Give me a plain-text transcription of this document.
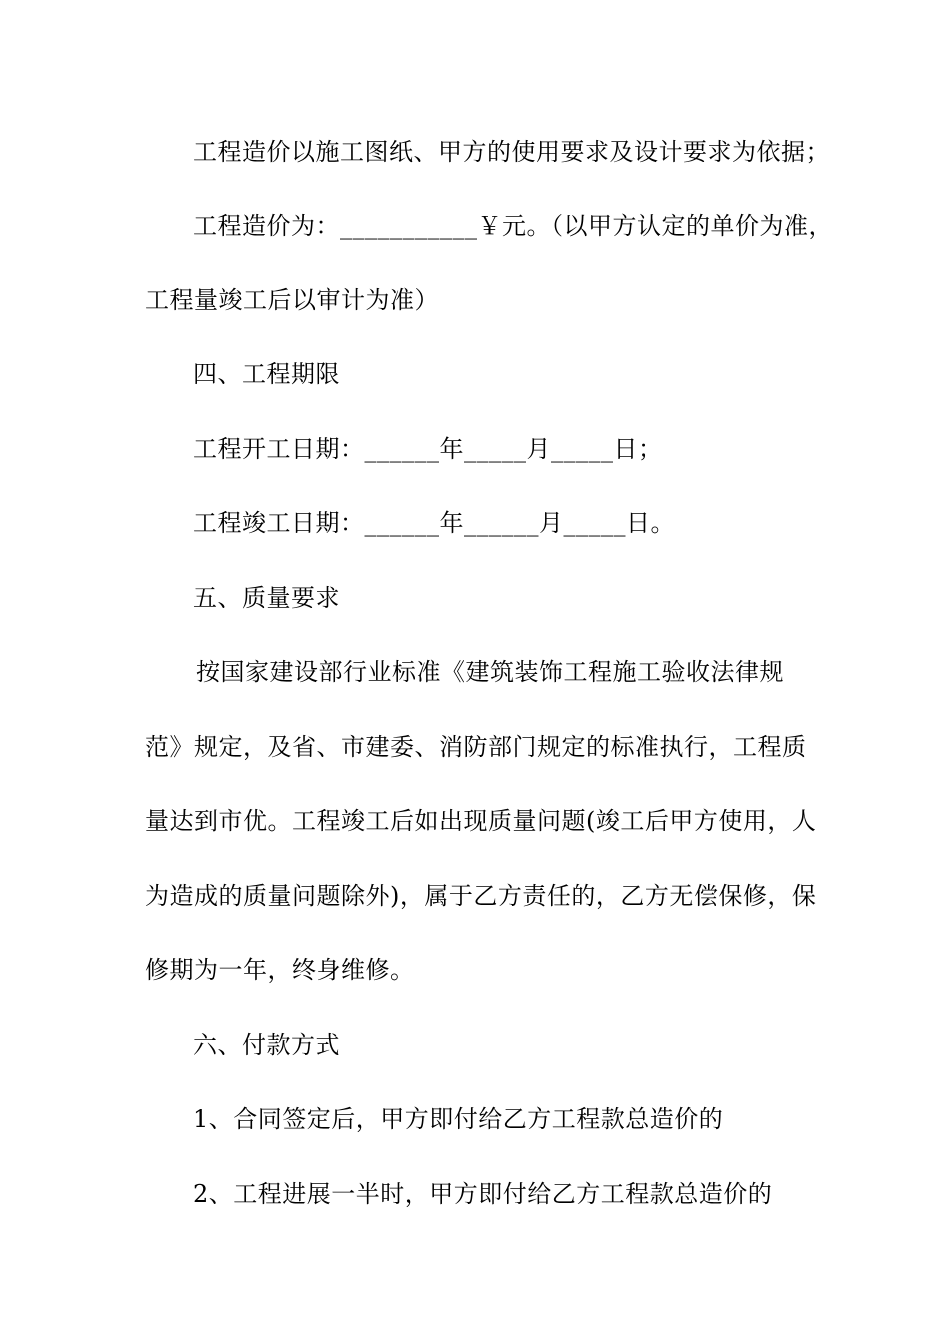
工程造价以施工图纸、甲方的使用要求及设计要求为依据；
工程造价为：___________￥元。（以甲方认定的单价为准，
工程量竣工后以审计为准）
四、工程期限
工程开工日期：______年_____月_____日；
工程竣工日期：______年______月_____日。
五、质量要求
按国家建设部行业标准《建筑装饰工程施工验收法律规
范》规定，及省、市建委、消防部门规定的标准执行，工程质
量达到市优。工程竣工后如出现质量问题(竣工后甲方使用，人
为造成的质量问题除外)，属于乙方责任的，乙方无偿保修，保
修期为一年，终身维修。
六、付款方式
1、合同签定后，甲方即付给乙方工程款总造价的
2、工程进展一半时，甲方即付给乙方工程款总造价的
